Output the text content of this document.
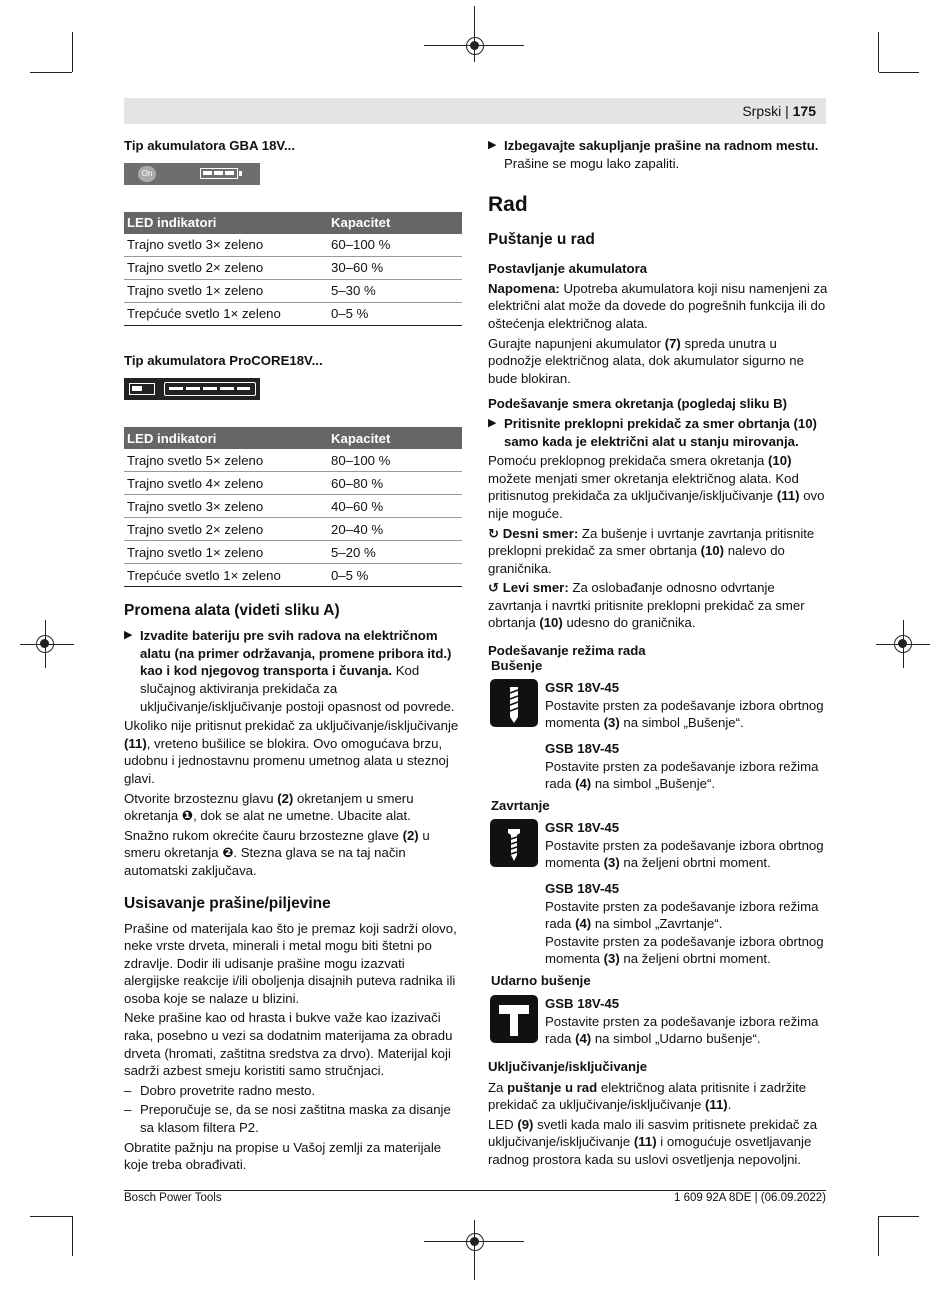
Srpski | 175

Tip akumulatora GBA 18V...

On
LED indikatori	Kapacitet
Trajno svetlo 3× zeleno	60–100 %
Trajno svetlo 2× zeleno	30–60 %
Trajno svetlo 1× zeleno	5–30 %
Trepćuće svetlo 1× zeleno	0–5 %

Tip akumulatora ProCORE18V...

LED indikatori	Kapacitet
Trajno svetlo 5× zeleno	80–100 %
Trajno svetlo 4× zeleno	60–80 %
Trajno svetlo 3× zeleno	40–60 %
Trajno svetlo 2× zeleno	20–40 %
Trajno svetlo 1× zeleno	5–20 %
Trepćuće svetlo 1× zeleno	0–5 %

Promena alata (videti sliku A)

▶ Izvadite bateriju pre svih radova na električnom alatu (na primer održavanja, promene pribora itd.) kao i kod njegovog transporta i čuvanja. Kod slučajnog aktiviranja prekidača za uključivanje/isključivanje postoji opasnost od povrede.

Ukoliko nije pritisnut prekidač za uključivanje/isključivanje (11), vreteno bušilice se blokira. Ovo omogućava brzu, udobnu i jednostavnu promenu umetnog alata u steznoj glavi.

Otvorite brzosteznu glavu (2) okretanjem u smeru okretanja ❶, dok se alat ne umetne. Ubacite alat.

Snažno rukom okrećite čauru brzostezne glave (2) u smeru okretanja ❷. Stezna glava se na taj način automatski zaključava.

Usisavanje prašine/piljevine

Prašine od materijala kao što je premaz koji sadrži olovo, neke vrste drveta, minerali i metal mogu biti štetni po zdravlje. Dodir ili udisanje prašine mogu izazvati alergijske reakcije i/ili oboljenja disajnih puteva radnika ili osoba koje se nalaze u blizini.

Neke prašine kao od hrasta i bukve važe kao izazivači raka, posebno u vezi sa dodatnim materijama za obradu drveta (hromati, zaštitna sredstva za drvo). Materijal koji sadrži azbest smeju koristiti samo stručnjaci.

– Dobro provetrite radno mesto.
– Preporučuje se, da se nosi zaštitna maska za disanje sa klasom filtera P2.

Obratite pažnju na propise u Vašoj zemlji za materijale koje treba obrađivati.

▶ Izbegavajte sakupljanje prašine na radnom mestu.
Prašine se mogu lako zapaliti.

Rad

Puštanje u rad

Postavljanje akumulatora

Napomena: Upotreba akumulatora koji nisu namenjeni za električni alat može da dovede do pogrešnih funkcija ili do oštećenja električnog alata.

Gurajte napunjeni akumulator (7) spreda unutra u podnožje električnog alata, dok akumulator sigurno ne bude blokiran.

Podešavanje smera okretanja (pogledaj sliku B)

▶ Pritisnite preklopni prekidač za smer obrtanja (10) samo kada je električni alat u stanju mirovanja.

Pomoću preklopnog prekidača smera okretanja (10) možete menjati smer okretanja električnog alata. Kod pritisnutog prekidača za uključivanje/isključivanje (11) ovo nije moguće.

↻ Desni smer: Za bušenje i uvrtanje zavrtanja pritisnite preklopni prekidač za smer obrtanja (10) nalevo do graničnika.

↺ Levi smer: Za oslobađanje odnosno odvrtanje zavrtanja i navrtki pritisnite preklopni prekidač za smer obrtanja (10) udesno do graničnika.

Podešavanje režima rada

Bušenje

GSR 18V-45
Postavite prsten za podešavanje izbora obrtnog momenta (3) na simbol „Bušenje“.
GSB 18V-45
Postavite prsten za podešavanje izbora režima rada (4) na simbol „Bušenje“.

Zavrtanje

GSR 18V-45
Postavite prsten za podešavanje izbora obrtnog momenta (3) na željeni obrtni moment.
GSB 18V-45
Postavite prsten za podešavanje izbora režima rada (4) na simbol „Zavrtanje“.
Postavite prsten za podešavanje izbora obrtnog momenta (3) na željeni obrtni moment.

Udarno bušenje

GSB 18V-45
Postavite prsten za podešavanje izbora režima rada (4) na simbol „Udarno bušenje“.

Uključivanje/isključivanje

Za puštanje u rad električnog alata pritisnite i zadržite prekidač za uključivanje/isključivanje (11).

LED (9) svetli kada malo ili sasvim pritisnete prekidač za uključivanje/isključivanje (11) i omogućuje osvetljavanje radnog prostora kada su uslovi osvetljenja nepovoljni.

Bosch Power Tools	1 609 92A 8DE | (06.09.2022)
